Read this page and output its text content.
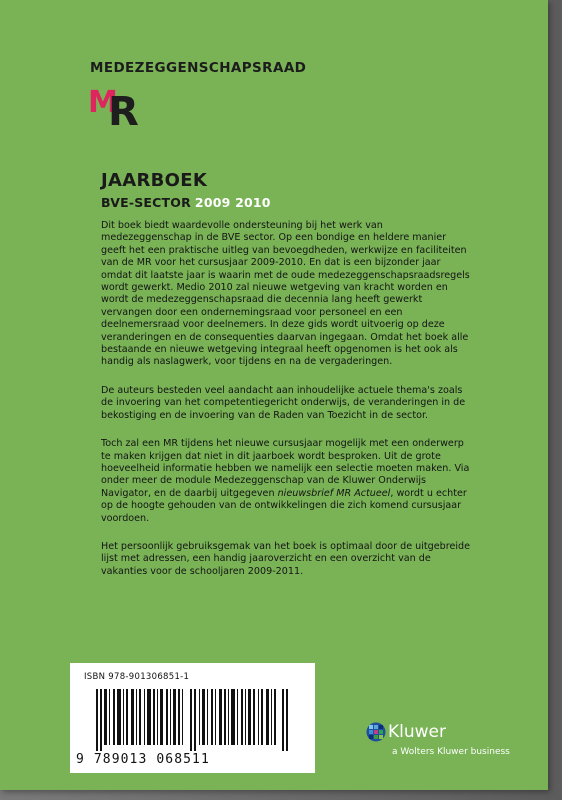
MEDEZEGGENSCHAPSRAAD
M
R
JAARBOEK
BVE-SECTOR 2009 2010

Dit boek biedt waardevolle ondersteuning bij het werk van medezeggenschap in de BVE sector. Op een bondige en heldere manier geeft het een praktische uitleg van bevoegdheden, werkwijze en faciliteiten van de MR voor het cursusjaar 2009-2010. En dat is een bijzonder jaar omdat dit laatste jaar is waarin met de oude medezeggenschapsraadsregels wordt gewerkt. Medio 2010 zal nieuwe wetgeving van kracht worden en wordt de medezeggenschapsraad die decennia lang heeft gewerkt vervangen door een ondernemingsraad voor personeel en een deelnemersraad voor deelnemers. In deze gids wordt uitvoerig op deze veranderingen en de consequenties daarvan ingegaan. Omdat het boek alle bestaande en nieuwe wetgeving integraal heeft opgenomen is het ook als handig als naslagwerk, voor tijdens en na de vergaderingen.

De auteurs besteden veel aandacht aan inhoudelijke actuele thema's zoals de invoering van het competentiegericht onderwijs, de veranderingen in de bekostiging en de invoering van de Raden van Toezicht in de sector.

Toch zal een MR tijdens het nieuwe cursusjaar mogelijk met een onderwerp te maken krijgen dat niet in dit jaarboek wordt besproken. Uit de grote hoeveelheid informatie hebben we namelijk een selectie moeten maken. Via onder meer de module Medezeggenschap van de Kluwer Onderwijs Navigator, en de daarbij uitgegeven nieuwsbrief MR Actueel, wordt u echter op de hoogte gehouden van de ontwikkelingen die zich komend cursusjaar voordoen.

Het persoonlijk gebruiksgemak van het boek is optimaal door de uitgebreide lijst met adressen, een handig jaaroverzicht en een overzicht van de vakanties voor de schooljaren 2009-2011.

ISBN 978-901306851-1
9 789013 068511
Kluwer
a Wolters Kluwer business
